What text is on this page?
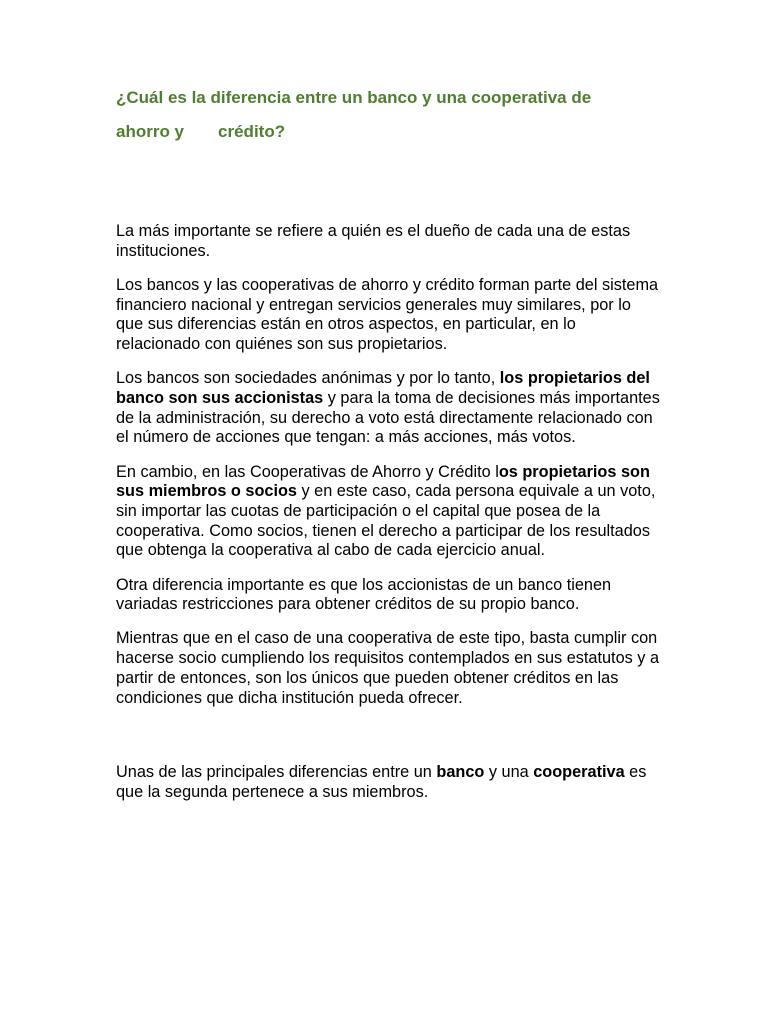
¿Cuál es la diferencia entre un banco y una cooperativa de
ahorro y crédito?

La más importante se refiere a quién es el dueño de cada una de estas instituciones.

Los bancos y las cooperativas de ahorro y crédito forman parte del sistema financiero nacional y entregan servicios generales muy similares, por lo que sus diferencias están en otros aspectos, en particular, en lo relacionado con quiénes son sus propietarios.

Los bancos son sociedades anónimas y por lo tanto, los propietarios del banco son sus accionistas y para la toma de decisiones más importantes de la administración, su derecho a voto está directamente relacionado con el número de acciones que tengan: a más acciones, más votos.

En cambio, en las Cooperativas de Ahorro y Crédito los propietarios son sus miembros o socios y en este caso, cada persona equivale a un voto, sin importar las cuotas de participación o el capital que posea de la cooperativa. Como socios, tienen el derecho a participar de los resultados que obtenga la cooperativa al cabo de cada ejercicio anual.

Otra diferencia importante es que los accionistas de un banco tienen variadas restricciones para obtener créditos de su propio banco.

Mientras que en el caso de una cooperativa de este tipo, basta cumplir con hacerse socio cumpliendo los requisitos contemplados en sus estatutos y a partir de entonces, son los únicos que pueden obtener créditos en las condiciones que dicha institución pueda ofrecer.

Unas de las principales diferencias entre un banco y una cooperativa es que la segunda pertenece a sus miembros.
